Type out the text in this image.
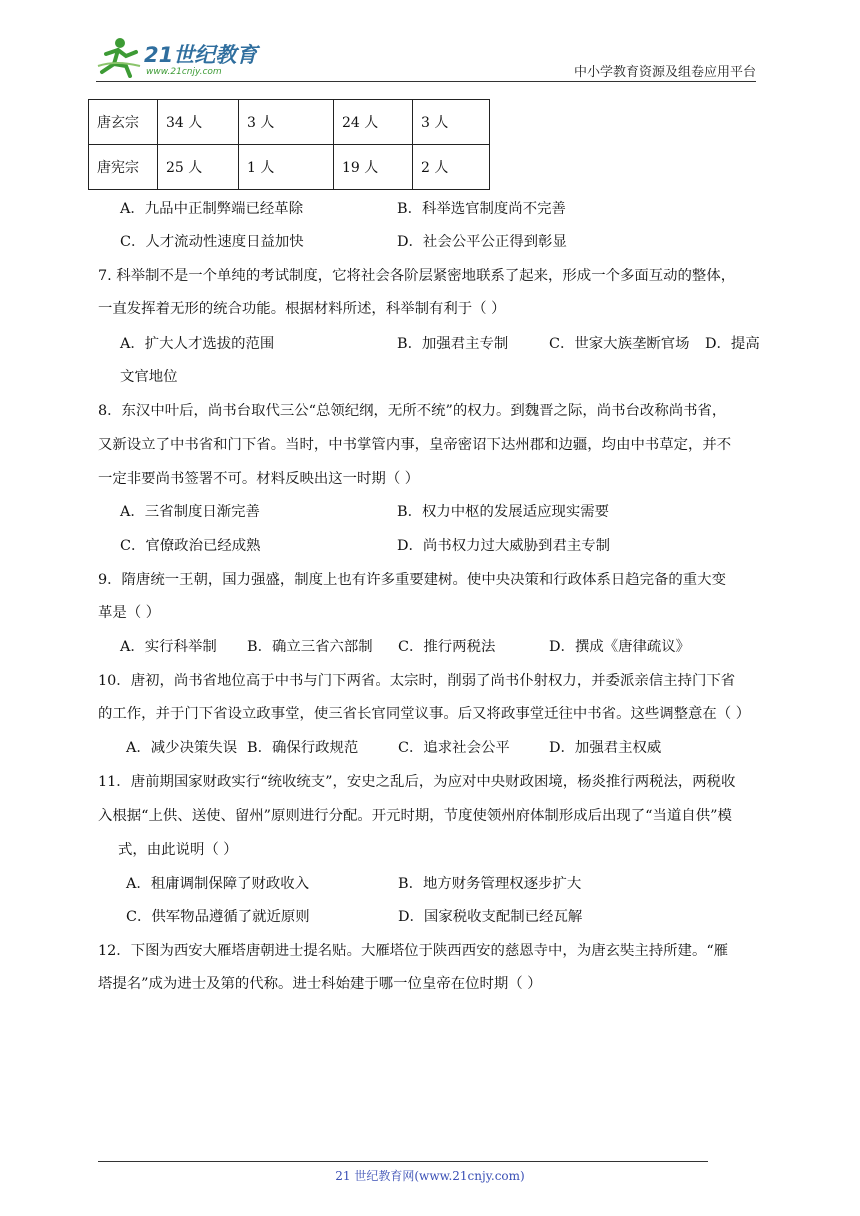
21世纪教育
www.21cnjy.com	中小学教育资源及组卷应用平台
唐玄宗	34 人	3 人	24 人	3 人
唐宪宗	25 人	1 人	19 人	2 人
A．九品中正制弊端已经革除	B．科举选官制度尚不完善
C．人才流动性速度日益加快	D．社会公平公正得到彰显
7. 科举制不是一个单纯的考试制度，它将社会各阶层紧密地联系了起来，形成一个多面互动的整体，
一直发挥着无形的统合功能。根据材料所述，科举制有利于（ ）
A．扩大人才选拔的范围	B．加强君主专制	C．世家大族垄断官场 D．提高
文官地位
8．东汉中叶后，尚书台取代三公“总领纪纲，无所不统”的权力。到魏晋之际，尚书台改称尚书省，
又新设立了中书省和门下省。当时，中书掌管内事，皇帝密诏下达州郡和边疆，均由中书草定，并不
一定非要尚书签署不可。材料反映出这一时期（ ）
A．三省制度日渐完善	B．权力中枢的发展适应现实需要
C．官僚政治已经成熟	D．尚书权力过大威胁到君主专制
9．隋唐统一王朝，国力强盛，制度上也有许多重要建树。使中央决策和行政体系日趋完备的重大变
革是（ ）
A．实行科举制 B．确立三省六部制 C．推行两税法	D．撰成《唐律疏议》
10．唐初，尚书省地位高于中书与门下两省。太宗时，削弱了尚书仆射权力，并委派亲信主持门下省
的工作，并于门下省设立政事堂，使三省长官同堂议事。后又将政事堂迁往中书省。这些调整意在（ ）
A．减少决策失误 B．确保行政规范	C．追求社会公平	D．加强君主权威
11．唐前期国家财政实行“统收统支”，安史之乱后，为应对中央财政困境，杨炎推行两税法，两税收
入根据“上供、送使、留州”原则进行分配。开元时期，节度使领州府体制形成后出现了“当道自供”模
式，由此说明（ ）
A．租庸调制保障了财政收入	B．地方财务管理权逐步扩大
C．供军物品遵循了就近原则	D．国家税收支配制已经瓦解
12．下图为西安大雁塔唐朝进士提名贴。大雁塔位于陕西西安的慈恩寺中，为唐玄奘主持所建。“雁
塔提名”成为进士及第的代称。进士科始建于哪一位皇帝在位时期（ ）
21 世纪教育网(www.21cnjy.com)
